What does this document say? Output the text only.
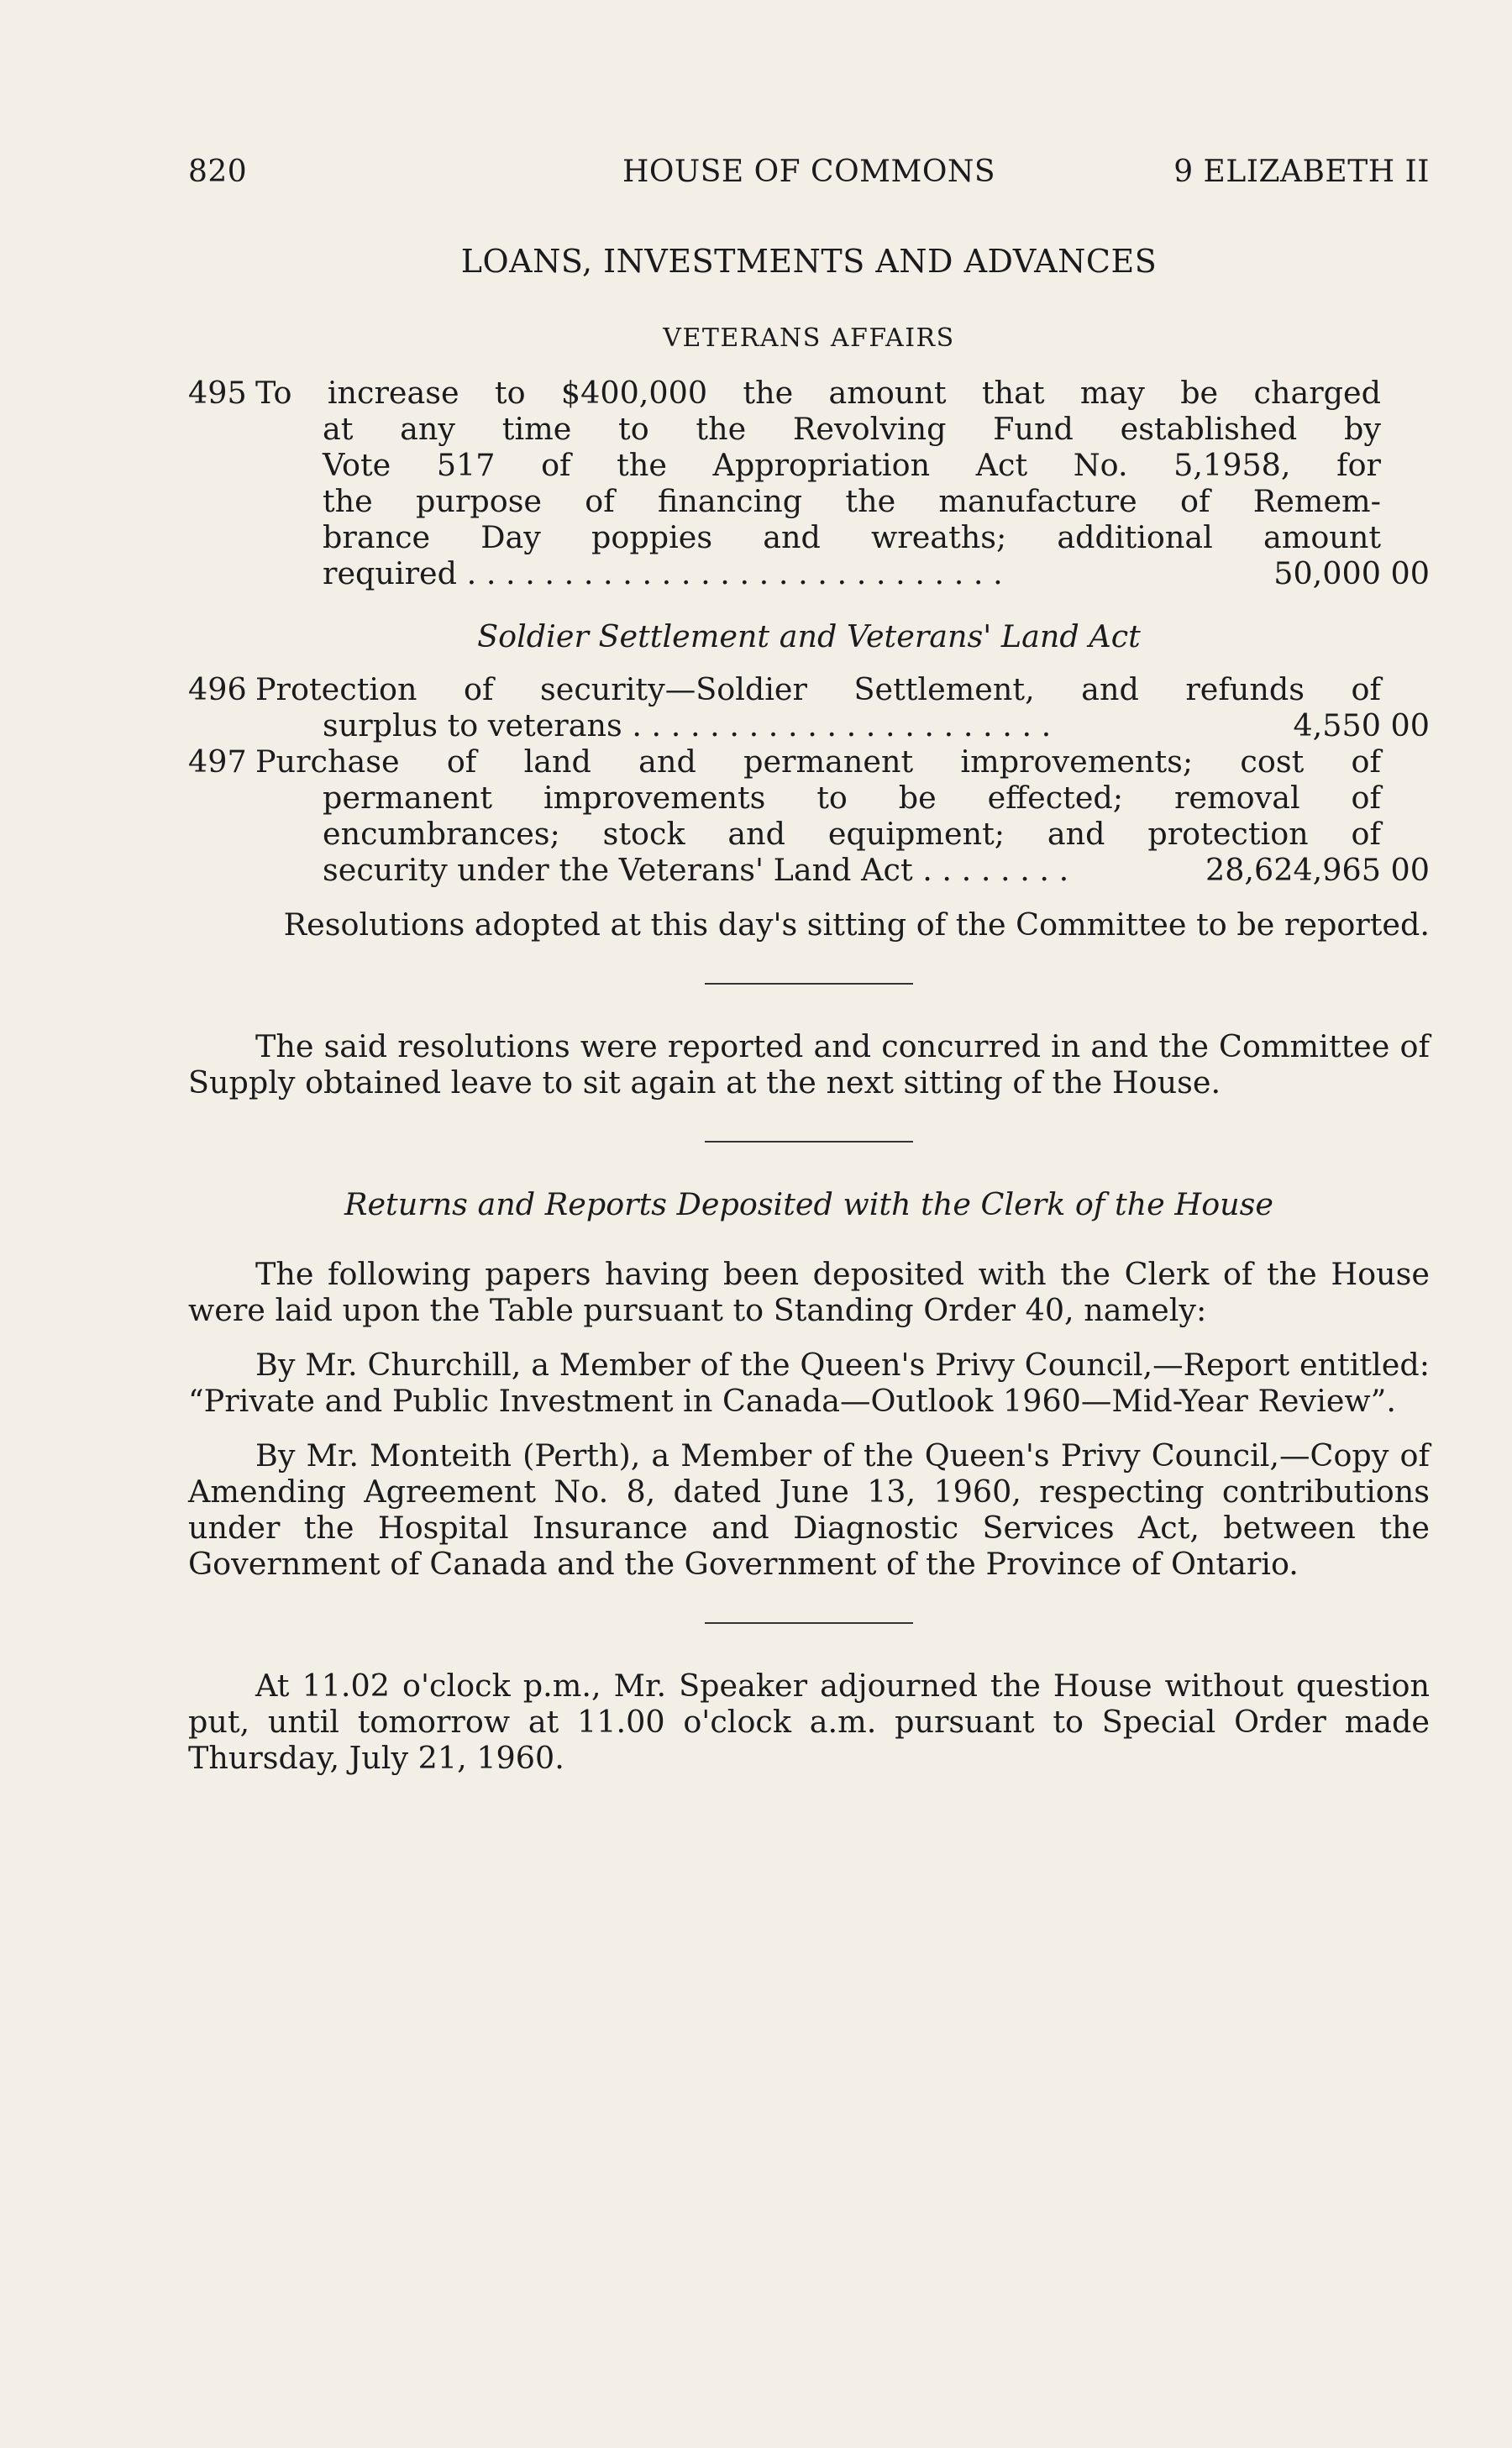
820	HOUSE OF COMMONS	9 ELIZABETH II
LOANS, INVESTMENTS AND ADVANCES
VETERANS AFFAIRS
495 To increase to $400,000 the amount that may be charged
at any time to the Revolving Fund established by
Vote 517 of the Appropriation Act No. 5,1958, for
the purpose of financing the manufacture of Remem-
brance Day poppies and wreaths; additional amount
required . . . . . . . . . . . . . . . . . . . . . . . . . . . .	50,000 00
Soldier Settlement and Veterans' Land Act
496 Protection of security—Soldier Settlement, and refunds of
surplus to veterans . . . . . . . . . . . . . . . . . . . . . .	4,550 00
497 Purchase of land and permanent improvements; cost of
permanent improvements to be effected; removal of
encumbrances; stock and equipment; and protection of
security under the Veterans' Land Act . . . . . . . .	28,624,965 00
Resolutions adopted at this day's sitting of the Committee to be reported.

The said resolutions were reported and concurred in and the Committee of Supply obtained leave to sit again at the next sitting of the House.

Returns and Reports Deposited with the Clerk of the House

The following papers having been deposited with the Clerk of the House were laid upon the Table pursuant to Standing Order 40, namely:

By Mr. Churchill, a Member of the Queen's Privy Council,—Report entitled: “Private and Public Investment in Canada—Outlook 1960—Mid-Year Review”.

By Mr. Monteith (Perth), a Member of the Queen's Privy Council,—Copy of Amending Agreement No. 8, dated June 13, 1960, respecting contributions under the Hospital Insurance and Diagnostic Services Act, between the Government of Canada and the Government of the Province of Ontario.

At 11.02 o'clock p.m., Mr. Speaker adjourned the House without question put, until tomorrow at 11.00 o'clock a.m. pursuant to Special Order made Thursday, July 21, 1960.
